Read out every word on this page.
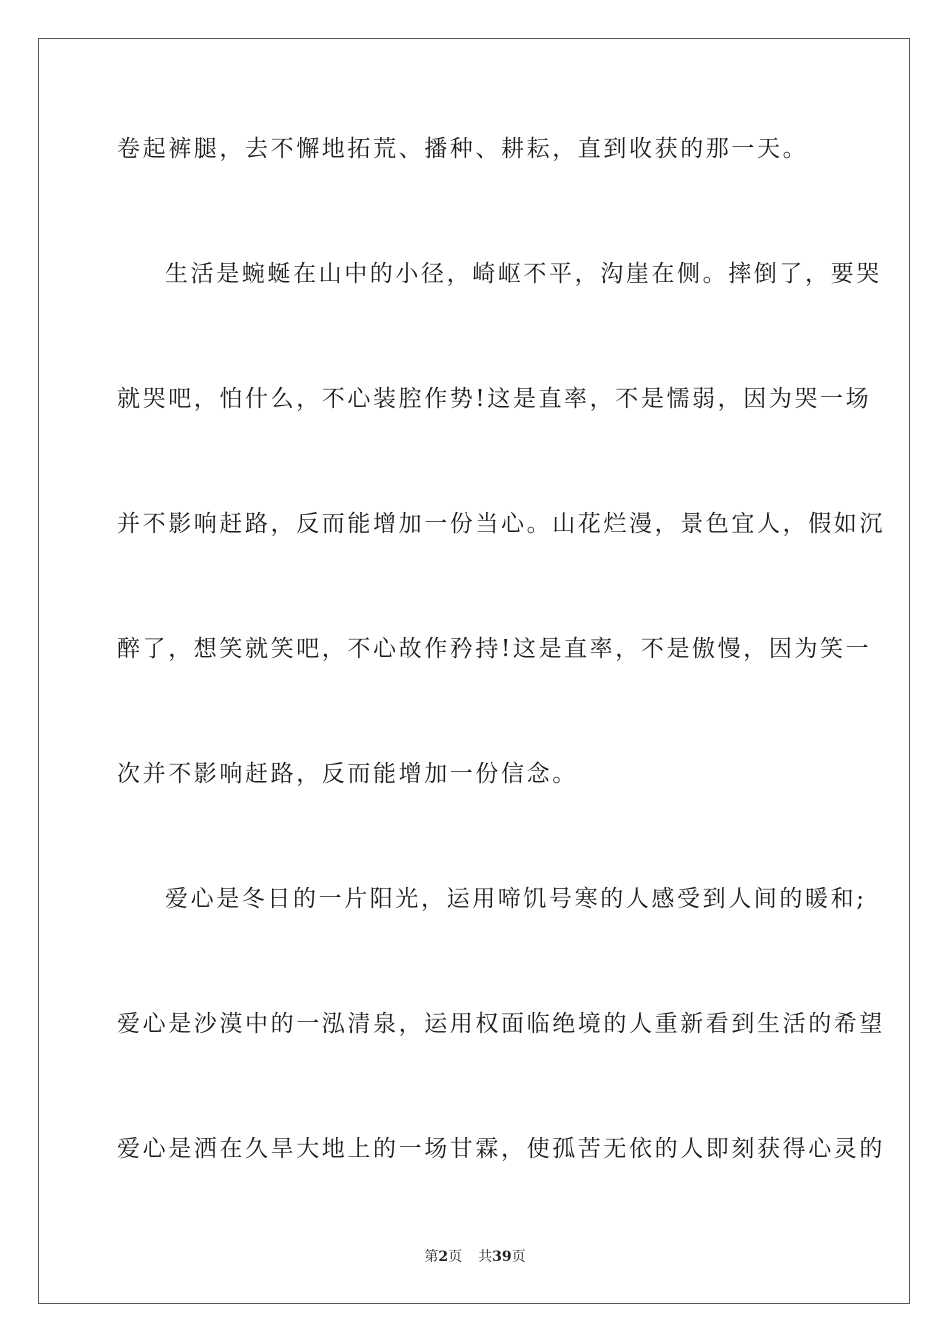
卷起裤腿，去不懈地拓荒、播种、耕耘，直到收获的那一天。
生活是蜿蜒在山中的小径，崎岖不平，沟崖在侧。摔倒了，要哭
就哭吧，怕什么，不心装腔作势!这是直率，不是懦弱，因为哭一场
并不影响赶路，反而能增加一份当心。山花烂漫，景色宜人，假如沉
醉了，想笑就笑吧，不心故作矜持!这是直率，不是傲慢，因为笑一
次并不影响赶路，反而能增加一份信念。
爱心是冬日的一片阳光，运用啼饥号寒的人感受到人间的暖和;
爱心是沙漠中的一泓清泉，运用权面临绝境的人重新看到生活的希望
爱心是洒在久旱大地上的一场甘霖，使孤苦无依的人即刻获得心灵的
第2页 共39页
